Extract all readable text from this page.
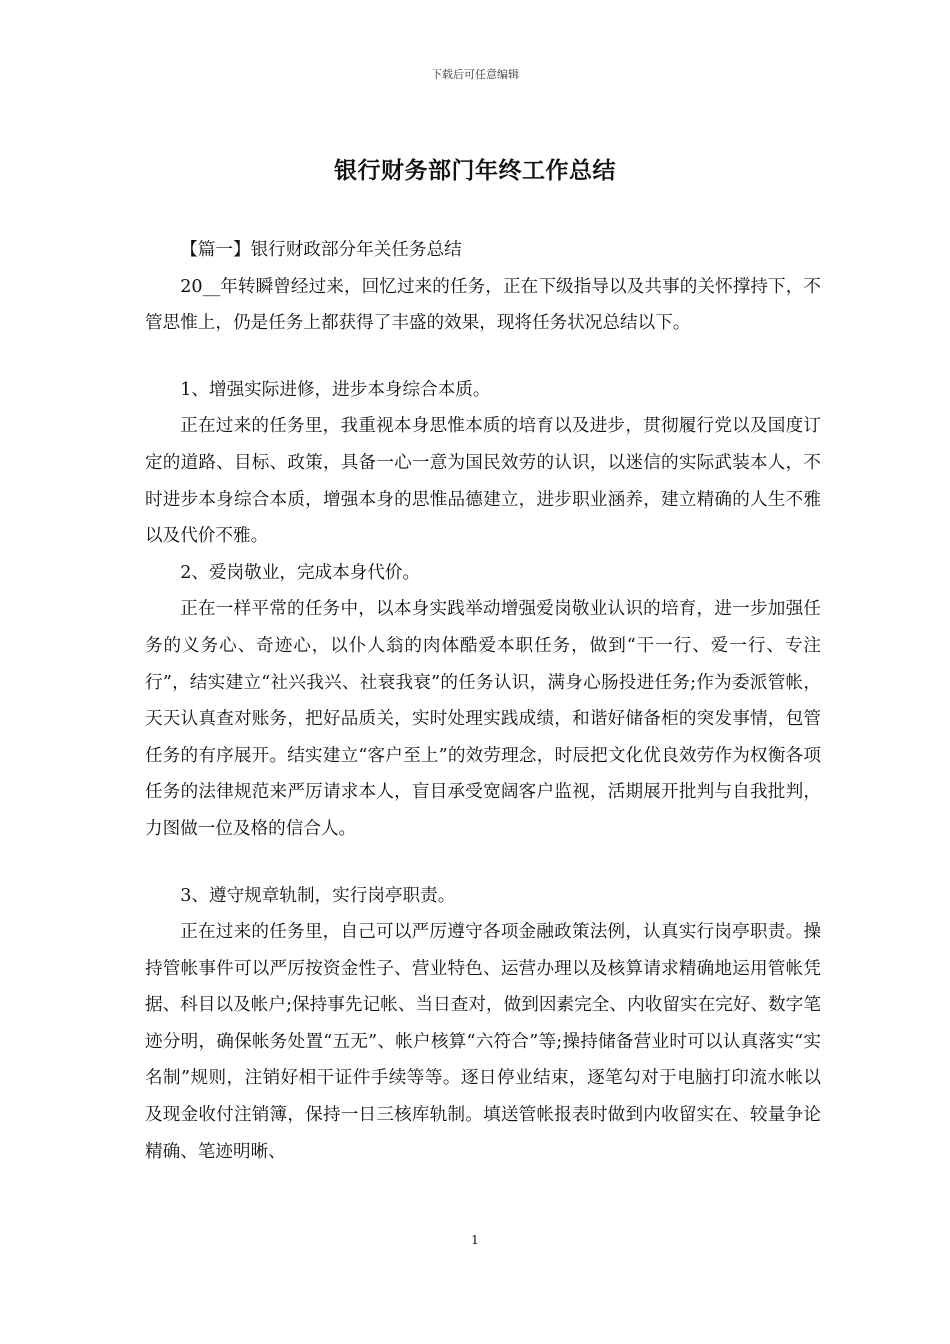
下载后可任意编辑
银行财务部门年终工作总结

【篇一】银行财政部分年关任务总结

20__年转瞬曾经过来，回忆过来的任务，正在下级指导以及共事的关怀撑持下，不管思惟上，仍是任务上都获得了丰盛的效果，现将任务状况总结以下。

1、增强实际进修，进步本身综合本质。

正在过来的任务里，我重视本身思惟本质的培育以及进步，贯彻履行党以及国度订定的道路、目标、政策，具备一心一意为国民效劳的认识，以迷信的实际武装本人，不时进步本身综合本质，增强本身的思惟品德建立，进步职业涵养，建立精确的人生不雅以及代价不雅。

2、爱岗敬业，完成本身代价。

正在一样平常的任务中，以本身实践举动增强爱岗敬业认识的培育，进一步加强任务的义务心、奇迹心，以仆人翁的肉体酷爱本职任务，做到“干一行、爱一行、专注行”，结实建立“社兴我兴、社衰我衰”的任务认识，满身心肠投进任务;作为委派管帐，天天认真查对账务，把好品质关，实时处理实践成绩，和谐好储备柜的突发事情，包管任务的有序展开。结实建立“客户至上”的效劳理念，时辰把文化优良效劳作为权衡各项任务的法律规范来严厉请求本人，盲目承受宽阔客户监视，活期展开批判与自我批判，力图做一位及格的信合人。

3、遵守规章轨制，实行岗亭职责。

正在过来的任务里，自己可以严厉遵守各项金融政策法例，认真实行岗亭职责。操持管帐事件可以严厉按资金性子、营业特色、运营办理以及核算请求精确地运用管帐凭据、科目以及帐户;保持事先记帐、当日查对，做到因素完全、内收留实在完好、数字笔迹分明，确保帐务处置“五无”、帐户核算“六符合”等;操持储备营业时可以认真落实“实名制”规则，注销好相干证件手续等等。逐日停业结束，逐笔勾对于电脑打印流水帐以及现金收付注销簿，保持一日三核库轨制。填送管帐报表时做到内收留实在、较量争论精确、笔迹明晰、

1
